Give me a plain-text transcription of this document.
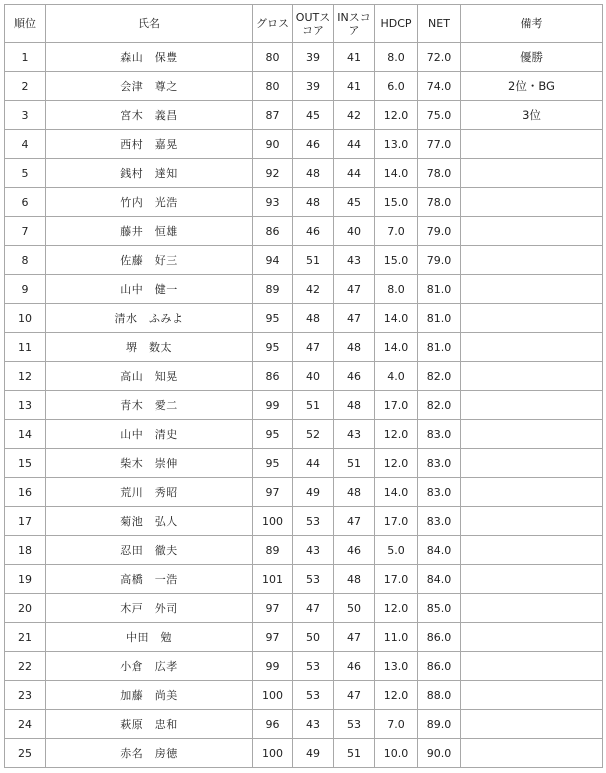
順位	氏名	グロス	OUTスコア	INスコア	HDCP	NET	備考
1	森山　保豊	80	39	41	8.0	72.0	優勝
2	会津　尊之	80	39	41	6.0	74.0	2位・BG
3	宮木　義昌	87	45	42	12.0	75.0	3位
4	西村　嘉晃	90	46	44	13.0	77.0	
5	銭村　達知	92	48	44	14.0	78.0	
6	竹内　光浩	93	48	45	15.0	78.0	
7	藤井　恒雄	86	46	40	7.0	79.0	
8	佐藤　好三	94	51	43	15.0	79.0	
9	山中　健一	89	42	47	8.0	81.0	
10	清水　ふみよ	95	48	47	14.0	81.0	
11	堺　数太	95	47	48	14.0	81.0	
12	高山　知晃	86	40	46	4.0	82.0	
13	青木　愛二	99	51	48	17.0	82.0	
14	山中　清史	95	52	43	12.0	83.0	
15	柴木　崇伸	95	44	51	12.0	83.0	
16	荒川　秀昭	97	49	48	14.0	83.0	
17	菊池　弘人	100	53	47	17.0	83.0	
18	忍田　徹夫	89	43	46	5.0	84.0	
19	高橋　一浩	101	53	48	17.0	84.0	
20	木戸　外司	97	47	50	12.0	85.0	
21	中田　勉	97	50	47	11.0	86.0	
22	小倉　広孝	99	53	46	13.0	86.0	
23	加藤　尚美	100	53	47	12.0	88.0	
24	萩原　忠和	96	43	53	7.0	89.0	
25	赤名　房徳	100	49	51	10.0	90.0	
